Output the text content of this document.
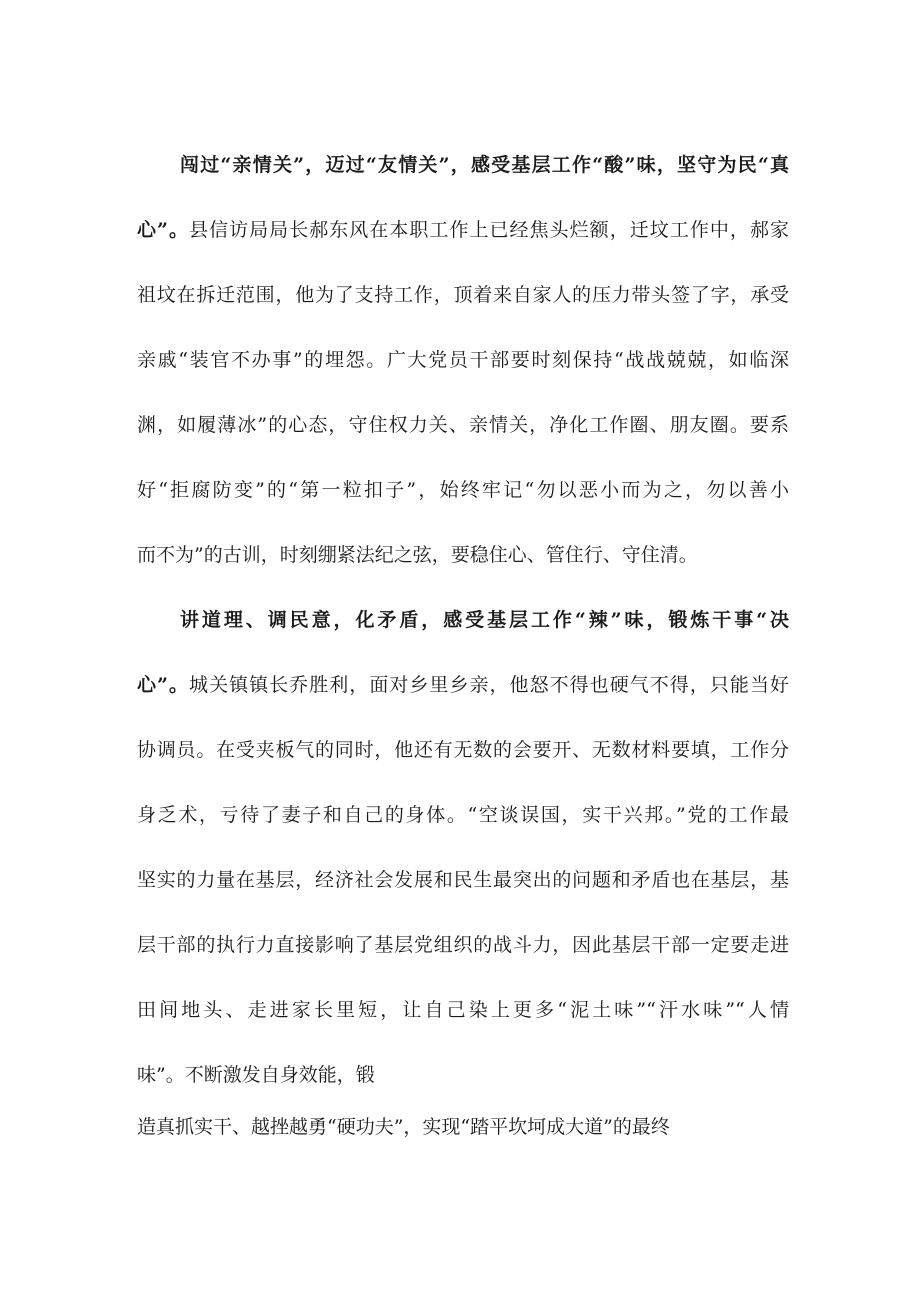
闯过“亲情关”，迈过“友情关”，感受基层工作“酸”味，坚守为民“真
心”。县信访局局长郝东风在本职工作上已经焦头烂额，迁坟工作中，郝家
祖坟在拆迁范围，他为了支持工作，顶着来自家人的压力带头签了字，承受
亲戚“装官不办事”的埋怨。广大党员干部要时刻保持“战战兢兢，如临深
渊，如履薄冰”的心态，守住权力关、亲情关，净化工作圈、朋友圈。要系
好“拒腐防变”的“第一粒扣子”，始终牢记“勿以恶小而为之，勿以善小
而不为”的古训，时刻绷紧法纪之弦，要稳住心、管住行、守住清。
讲道理、调民意，化矛盾，感受基层工作“辣”味，锻炼干事“决
心”。城关镇镇长乔胜利，面对乡里乡亲，他怒不得也硬气不得，只能当好
协调员。在受夹板气的同时，他还有无数的会要开、无数材料要填，工作分
身乏术，亏待了妻子和自己的身体。“空谈误国，实干兴邦。”党的工作最
坚实的力量在基层，经济社会发展和民生最突出的问题和矛盾也在基层，基
层干部的执行力直接影响了基层党组织的战斗力，因此基层干部一定要走进
田间地头、走进家长里短，让自己染上更多“泥土味”“汗水味”“人情
味”。不断激发自身效能，锻
造真抓实干、越挫越勇“硬功夫”，实现“踏平坎坷成大道”的最终
